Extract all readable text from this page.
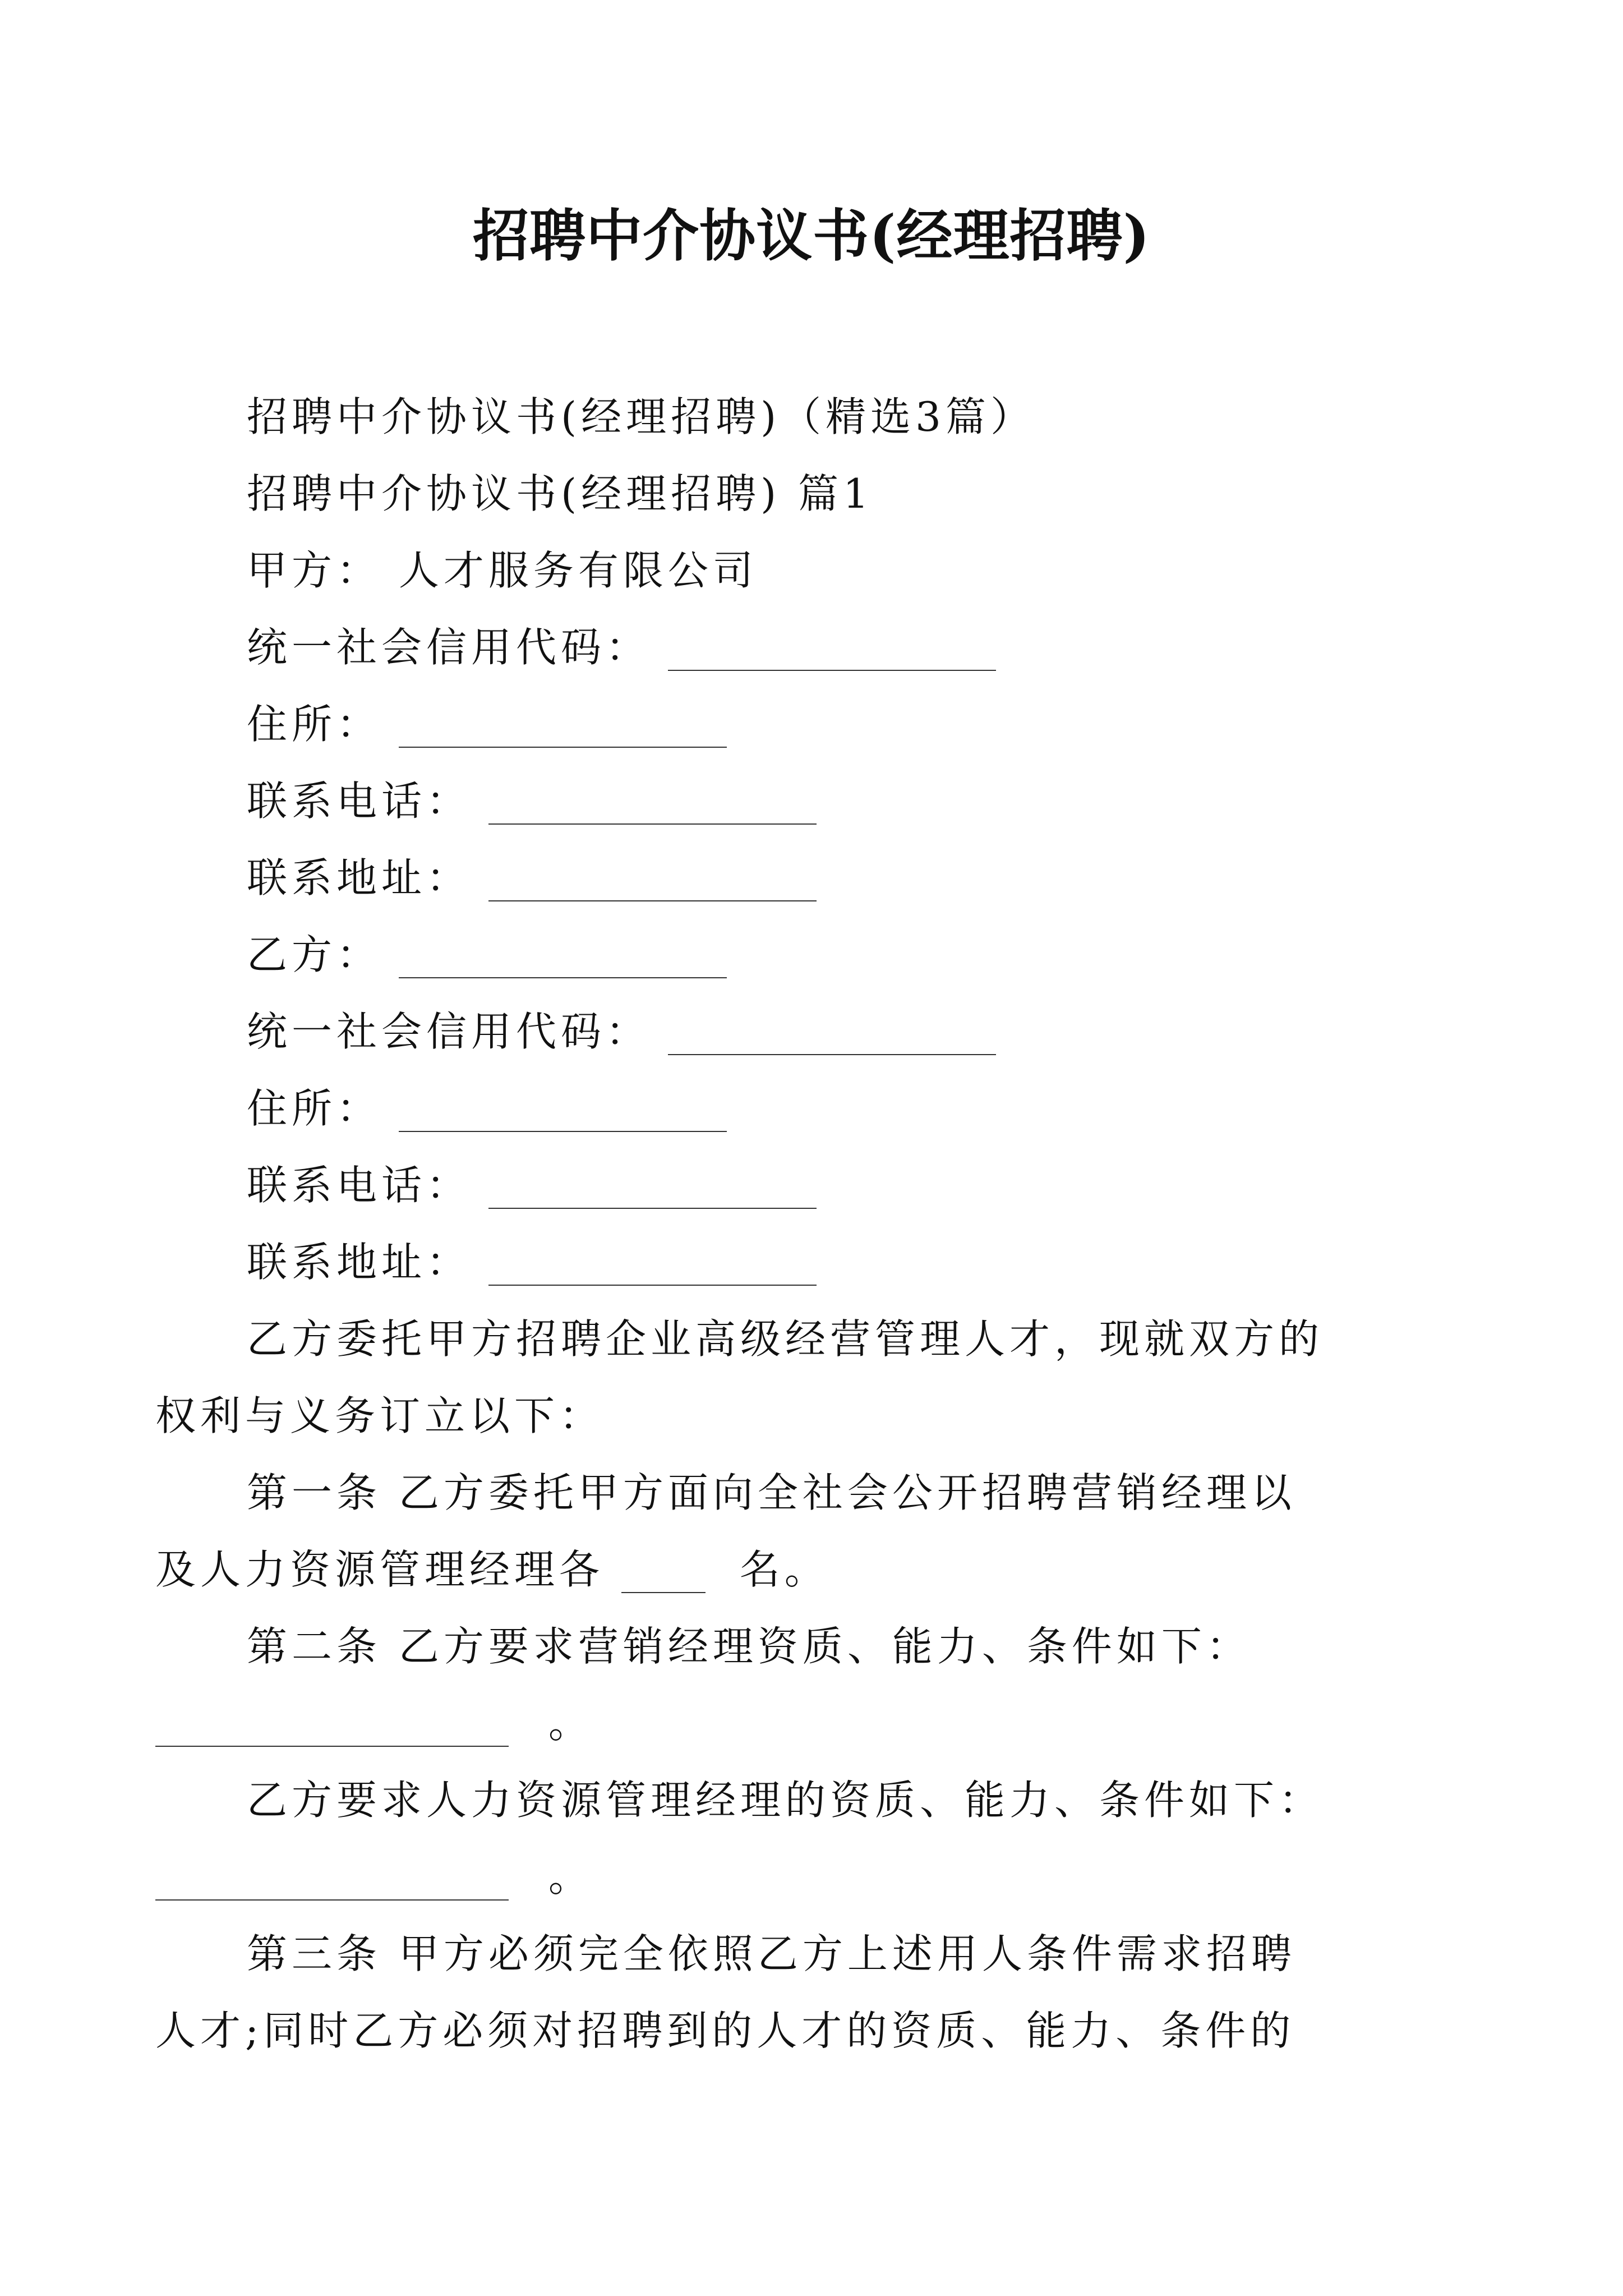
招聘中介协议书(经理招聘)
招聘中介协议书(经理招聘)（精选3篇）
招聘中介协议书(经理招聘) 篇1
甲方： 人才服务有限公司
统一社会信用代码：
住所：
联系电话：
联系地址：
乙方：
统一社会信用代码：
住所：
联系电话：
联系地址：
乙方委托甲方招聘企业高级经营管理人才，现就双方的
权利与义务订立以下：
第一条 乙方委托甲方面向全社会公开招聘营销经理以
及人力资源管理经理各	名。
第二条 乙方要求营销经理资质、能力、条件如下：
。
乙方要求人力资源管理经理的资质、能力、条件如下：
。
第三条 甲方必须完全依照乙方上述用人条件需求招聘
人才;同时乙方必须对招聘到的人才的资质、能力、条件的
